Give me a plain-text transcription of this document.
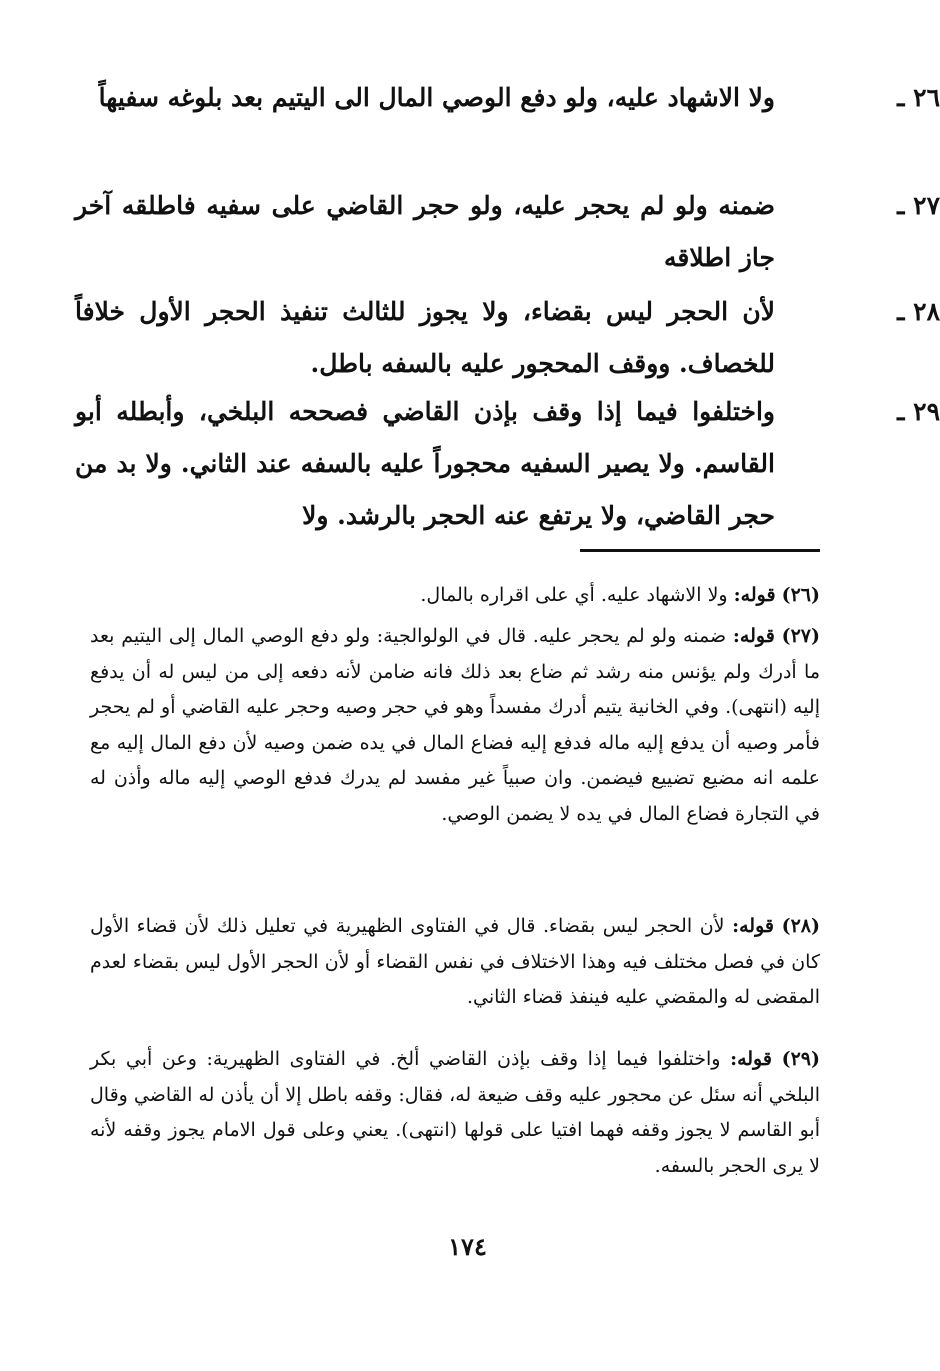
٢٦ ـ
ولا الاشهاد عليه، ولو دفع الوصي المال الى اليتيم بعد بلوغه سفيهاً
٢٧ ـ
ضمنه ولو لم يحجر عليه، ولو حجر القاضي على سفيه فاطلقه آخر جاز اطلاقه
٢٨ ـ
لأن الحجر ليس بقضاء، ولا يجوز للثالث تنفيذ الحجر الأول خلافاً للخصاف. ووقف المحجور عليه بالسفه باطل.
٢٩ ـ
واختلفوا فيما إذا وقف بإذن القاضي فصححه البلخي، وأبطله أبو القاسم. ولا يصير السفيه محجوراً عليه بالسفه عند الثاني. ولا بد من حجر القاضي، ولا يرتفع عنه الحجر بالرشد. ولا
(٢٦) قوله: ولا الاشهاد عليه. أي على اقراره بالمال.
(٢٧) قوله: ضمنه ولو لم يحجر عليه. قال في الولوالجية: ولو دفع الوصي المال إلى اليتيم بعد ما أدرك ولم يؤنس منه رشد ثم ضاع بعد ذلك فانه ضامن لأنه دفعه إلى من ليس له أن يدفع إليه (انتهى). وفي الخانية يتيم أدرك مفسداً وهو في حجر وصيه وحجر عليه القاضي أو لم يحجر فأمر وصيه أن يدفع إليه ماله فدفع إليه فضاع المال في يده ضمن وصيه لأن دفع المال إليه مع علمه انه مضيع تضييع فيضمن. وان صبياً غير مفسد لم يدرك فدفع الوصي إليه ماله وأذن له في التجارة فضاع المال في يده لا يضمن الوصي.
(٢٨) قوله: لأن الحجر ليس بقضاء. قال في الفتاوى الظهيرية في تعليل ذلك لأن قضاء الأول كان في فصل مختلف فيه وهذا الاختلاف في نفس القضاء أو لأن الحجر الأول ليس بقضاء لعدم المقضى له والمقضي عليه فينفذ قضاء الثاني.
(٢٩) قوله: واختلفوا فيما إذا وقف بإذن القاضي ألخ. في الفتاوى الظهيرية: وعن أبي بكر البلخي أنه سئل عن محجور عليه وقف ضيعة له، فقال: وقفه باطل إلا أن يأذن له القاضي وقال أبو القاسم لا يجوز وقفه فهما افتيا على قولها (انتهى). يعني وعلى قول الامام يجوز وقفه لأنه لا يرى الحجر بالسفه.
١٧٤
